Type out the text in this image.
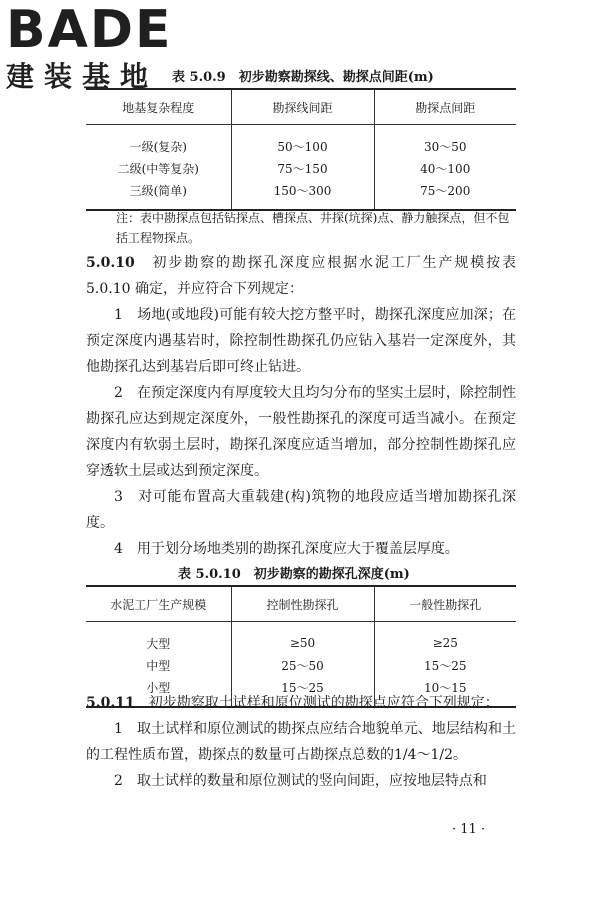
BADE
建装基地	表 5.0.9　初步勘察勘探线、勘探点间距(m)
地基复杂程度	勘探线间距	勘探点间距
一级(复杂)	50～100	30～50
二级(中等复杂)	75～150	40～100
三级(简单)	150～300	75～200
注：表中勘探点包括钻探点、槽探点、井探(坑探)点、静力触探点，但不包括工程物探点。
5.0.10　 初步勘察的勘探孔深度应根据水泥工厂生产规模按表 5.0.10 确定，并应符合下列规定：
1　场地(或地段)可能有较大挖方整平时，勘探孔深度应加深；在预定深度内遇基岩时，除控制性勘探孔仍应钻入基岩一定深度外，其他勘探孔达到基岩后即可终止钻进。
2　在预定深度内有厚度较大且均匀分布的坚实土层时，除控制性勘探孔应达到规定深度外，一般性勘探孔的深度可适当减小。在预定深度内有软弱土层时，勘探孔深度应适当增加，部分控制性勘探孔应穿透软土层或达到预定深度。
3　对可能布置高大重载建(构)筑物的地段应适当增加勘探孔深度。
4　用于划分场地类别的勘探孔深度应大于覆盖层厚度。
表 5.0.10　初步勘察的勘探孔深度(m)
水泥工厂生产规模	控制性勘探孔	一般性勘探孔
大型	≥50	≥25
中型	25～50	15～25
小型	15～25	10～15
5.0.11　 初步勘察取土试样和原位测试的勘探点应符合下列规定：
1　取土试样和原位测试的勘探点应结合地貌单元、地层结构和土的工程性质布置，勘探点的数量可占勘探点总数的1/4～1/2。
2　取土试样的数量和原位测试的竖向间距，应按地层特点和
· 11 ·
